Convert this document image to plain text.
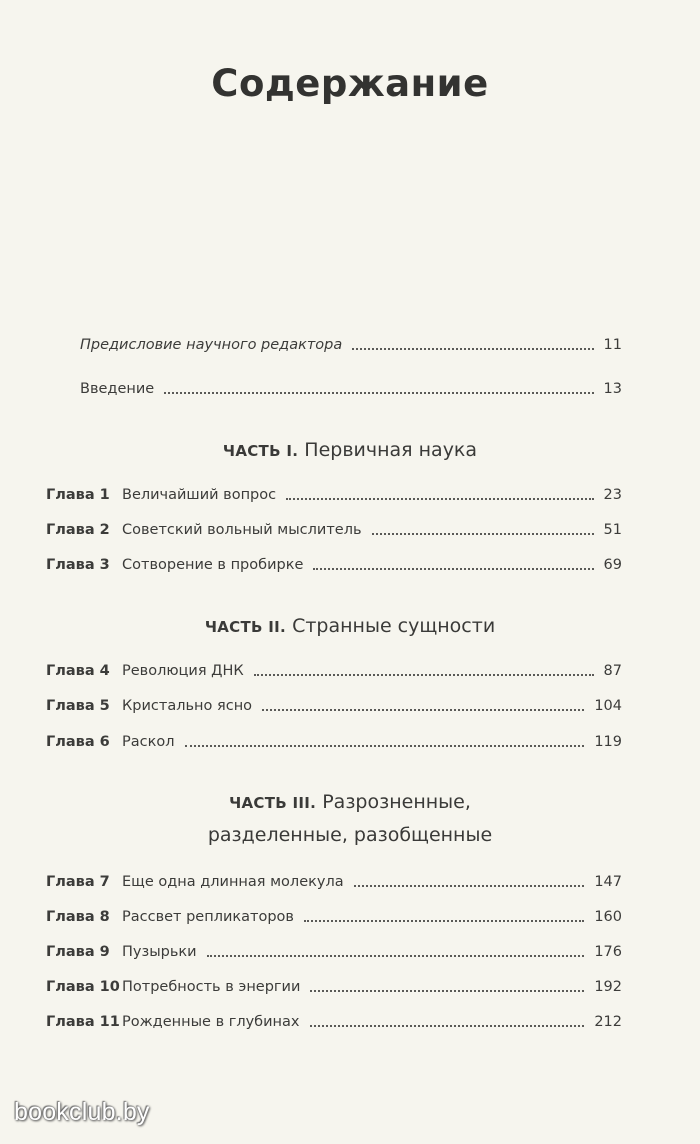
Содержание
Предисловие научного редактора	11
Введение	13
ЧАСТЬ I. Первичная наука
Глава 1 Величайший вопрос	23
Глава 2 Советский вольный мыслитель	51
Глава 3 Сотворение в пробирке	69
ЧАСТЬ II. Странные сущности
Глава 4 Революция ДНК	87
Глава 5 Кристально ясно	104
Глава 6 Раскол	119
ЧАСТЬ III. Разрозненные,
разделенные, разобщенные
Глава 7 Еще одна длинная молекула	147
Глава 8 Рассвет репликаторов	160
Глава 9 Пузырьки	176
Глава 10 Потребность в энергии	192
Глава 11 Рожденные в глубинах	212
bookclub.by
